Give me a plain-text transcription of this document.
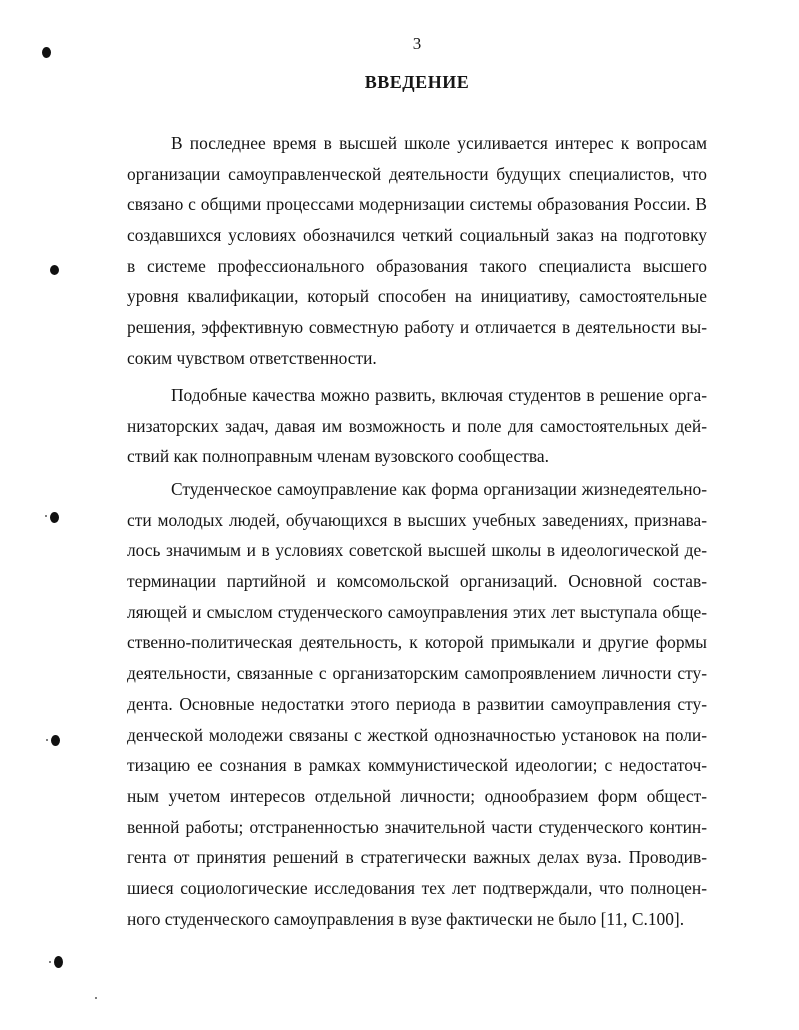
3
ВВЕДЕНИЕ
В последнее время в высшей школе усиливается интерес к вопросам
организации самоуправленческой деятельности будущих специалистов, что
связано с общими процессами модернизации системы образования России. В
создавшихся условиях обозначился четкий социальный заказ на подготовку
в системе профессионального образования такого специалиста высшего
уровня квалификации, который способен на инициативу, самостоятельные
решения, эффективную совместную работу и отличается в деятельности вы-
соким чувством ответственности.
Подобные качества можно развить, включая студентов в решение орга-
низаторских задач, давая им возможность и поле для самостоятельных дей-
ствий как полноправным членам вузовского сообщества.
Студенческое самоуправление как форма организации жизнедеятельно-
сти молодых людей, обучающихся в высших учебных заведениях, признава-
лось значимым и в условиях советской высшей школы в идеологической де-
терминации партийной и комсомольской организаций. Основной состав-
ляющей и смыслом студенческого самоуправления этих лет выступала обще-
ственно-политическая деятельность, к которой примыкали и другие формы
деятельности, связанные с организаторским самопроявлением личности сту-
дента. Основные недостатки этого периода в развитии самоуправления сту-
денческой молодежи связаны с жесткой однозначностью установок на поли-
тизацию ее сознания в рамках коммунистической идеологии; с недостаточ-
ным учетом интересов отдельной личности; однообразием форм общест-
венной работы; отстраненностью значительной части студенческого контин-
гента от принятия решений в стратегически важных делах вуза. Проводив-
шиеся социологические исследования тех лет подтверждали, что полноцен-
ного студенческого самоуправления в вузе фактически не было [11, С.100].
